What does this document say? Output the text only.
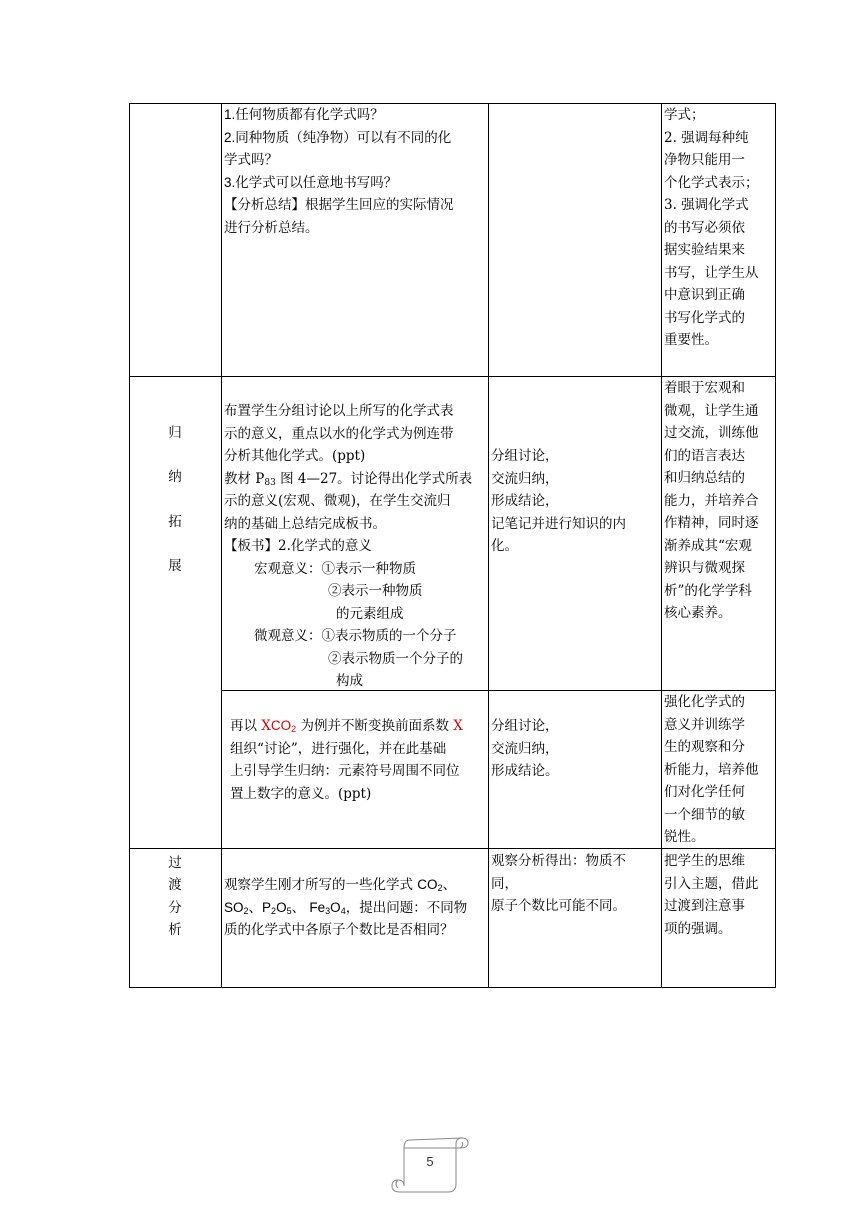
1.任何物质都有化学式吗？
2.同种物质（纯净物）可以有不同的化
学式吗？
3.化学式可以任意地书写吗？
【分析总结】根据学生回应的实际情况
进行分析总结。
学式；
2. 强调每种纯
净物只能用一
个化学式表示；
3. 强调化学式
的书写必须依
据实验结果来
书写，让学生从
中意识到正确
书写化学式的
重要性。
归
纳
拓
展
布置学生分组讨论以上所写的化学式表
示的意义，重点以水的化学式为例连带
分析其他化学式。(ppt)
教材 $P_{83}$ 图 4—27。讨论得出化学式所表
示的意义(宏观、微观)，在学生交流归
纳的基础上总结完成板书。
【板书】2.化学式的意义
宏观意义：①表示一种物质
②表示一种物质
的元素组成
微观意义：①表示物质的一个分子
②表示物质一个分子的
构成
分组讨论，
交流归纳，
形成结论，
记笔记并进行知识的内
化。
着眼于宏观和
微观，让学生通
过交流，训练他
们的语言表达
和归纳总结的
能力，并培养合
作精神，同时逐
渐养成其“宏观
辨识与微观探
析”的化学学科
核心素养。
再以 $XCO_2$ 为例并不断变换前面系数 X
组织“讨论”，进行强化，并在此基础
上引导学生归纳：元素符号周围不同位
置上数字的意义。(ppt)
分组讨论，
交流归纳，
形成结论。
强化化学式的
意义并训练学
生的观察和分
析能力，培养他
们对化学任何
一个细节的敏
锐性。
过
渡
分
析
观察学生刚才所写的一些化学式 $CO_2$、
$SO_2$、$P_2O_5$、 $Fe_3O_4$，提出问题：不同物
质的化学式中各原子个数比是否相同？
观察分析得出：物质不
同，
原子个数比可能不同。
把学生的思维
引入主题，借此
过渡到注意事
项的强调。
5
